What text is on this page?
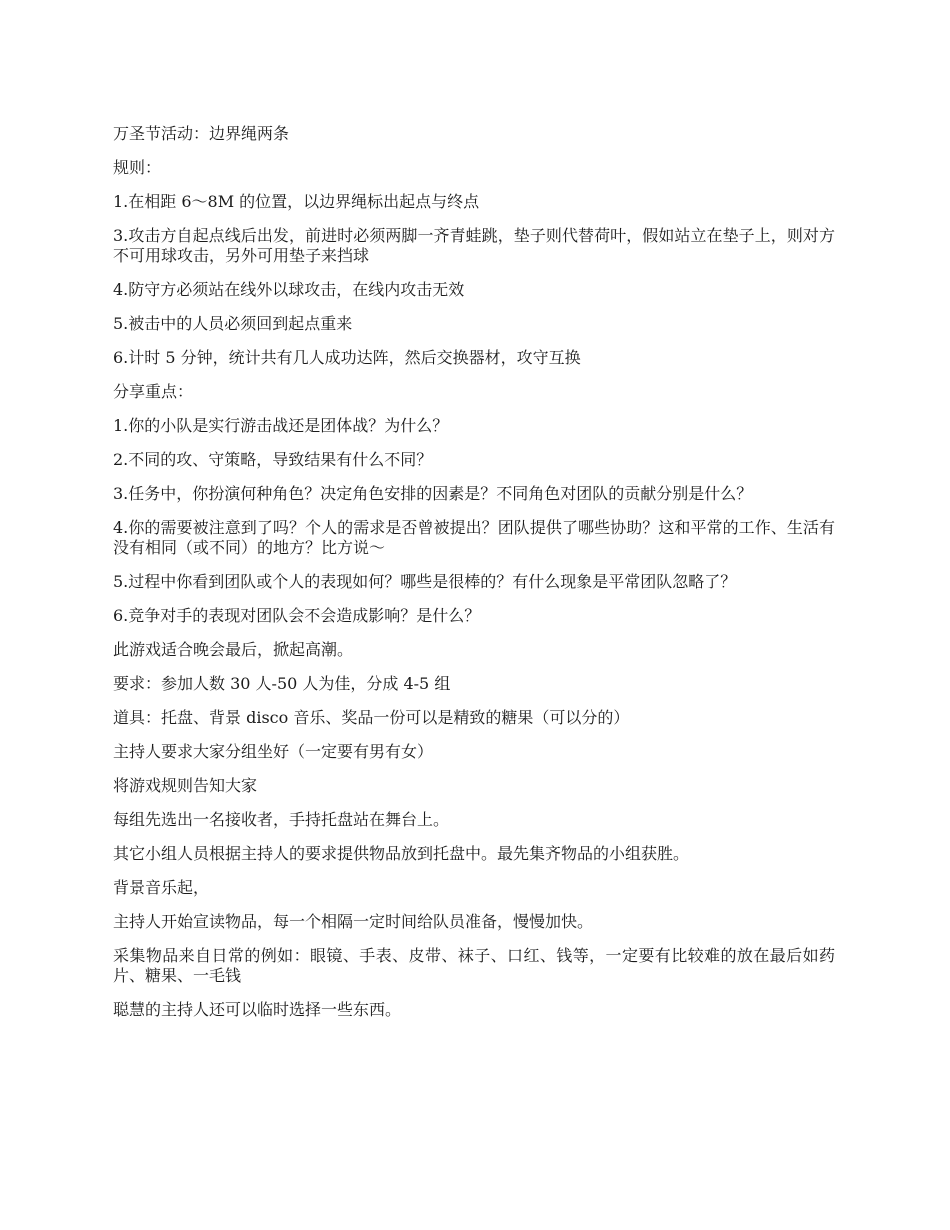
万圣节活动：边界绳两条

规则：

1.在相距 6～8M 的位置，以边界绳标出起点与终点

3.攻击方自起点线后出发，前进时必须两脚一齐青蛙跳，垫子则代替荷叶，假如站立在垫子上，则对方不可用球攻击，另外可用垫子来挡球

4.防守方必须站在线外以球攻击，在线内攻击无效

5.被击中的人员必须回到起点重来

6.计时 5 分钟，统计共有几人成功达阵，然后交换器材，攻守互换

分享重点：

1.你的小队是实行游击战还是团体战？为什么？

2.不同的攻、守策略，导致结果有什么不同？

3.任务中，你扮演何种角色？决定角色安排的因素是？不同角色对团队的贡献分别是什么？

4.你的需要被注意到了吗？个人的需求是否曾被提出？团队提供了哪些协助？这和平常的工作、生活有没有相同（或不同）的地方？比方说～

5.过程中你看到团队或个人的表现如何？哪些是很棒的？有什么现象是平常团队忽略了？

6.竞争对手的表现对团队会不会造成影响？是什么？

此游戏适合晚会最后，掀起高潮。

要求：参加人数 30 人-50 人为佳，分成 4-5 组

道具：托盘、背景 disco 音乐、奖品一份可以是精致的糖果（可以分的）

主持人要求大家分组坐好（一定要有男有女）

将游戏规则告知大家

每组先选出一名接收者，手持托盘站在舞台上。

其它小组人员根据主持人的要求提供物品放到托盘中。最先集齐物品的小组获胜。

背景音乐起，

主持人开始宣读物品，每一个相隔一定时间给队员准备，慢慢加快。

采集物品来自日常的例如：眼镜、手表、皮带、袜子、口红、钱等，一定要有比较难的放在最后如药片、糖果、一毛钱

聪慧的主持人还可以临时选择一些东西。
